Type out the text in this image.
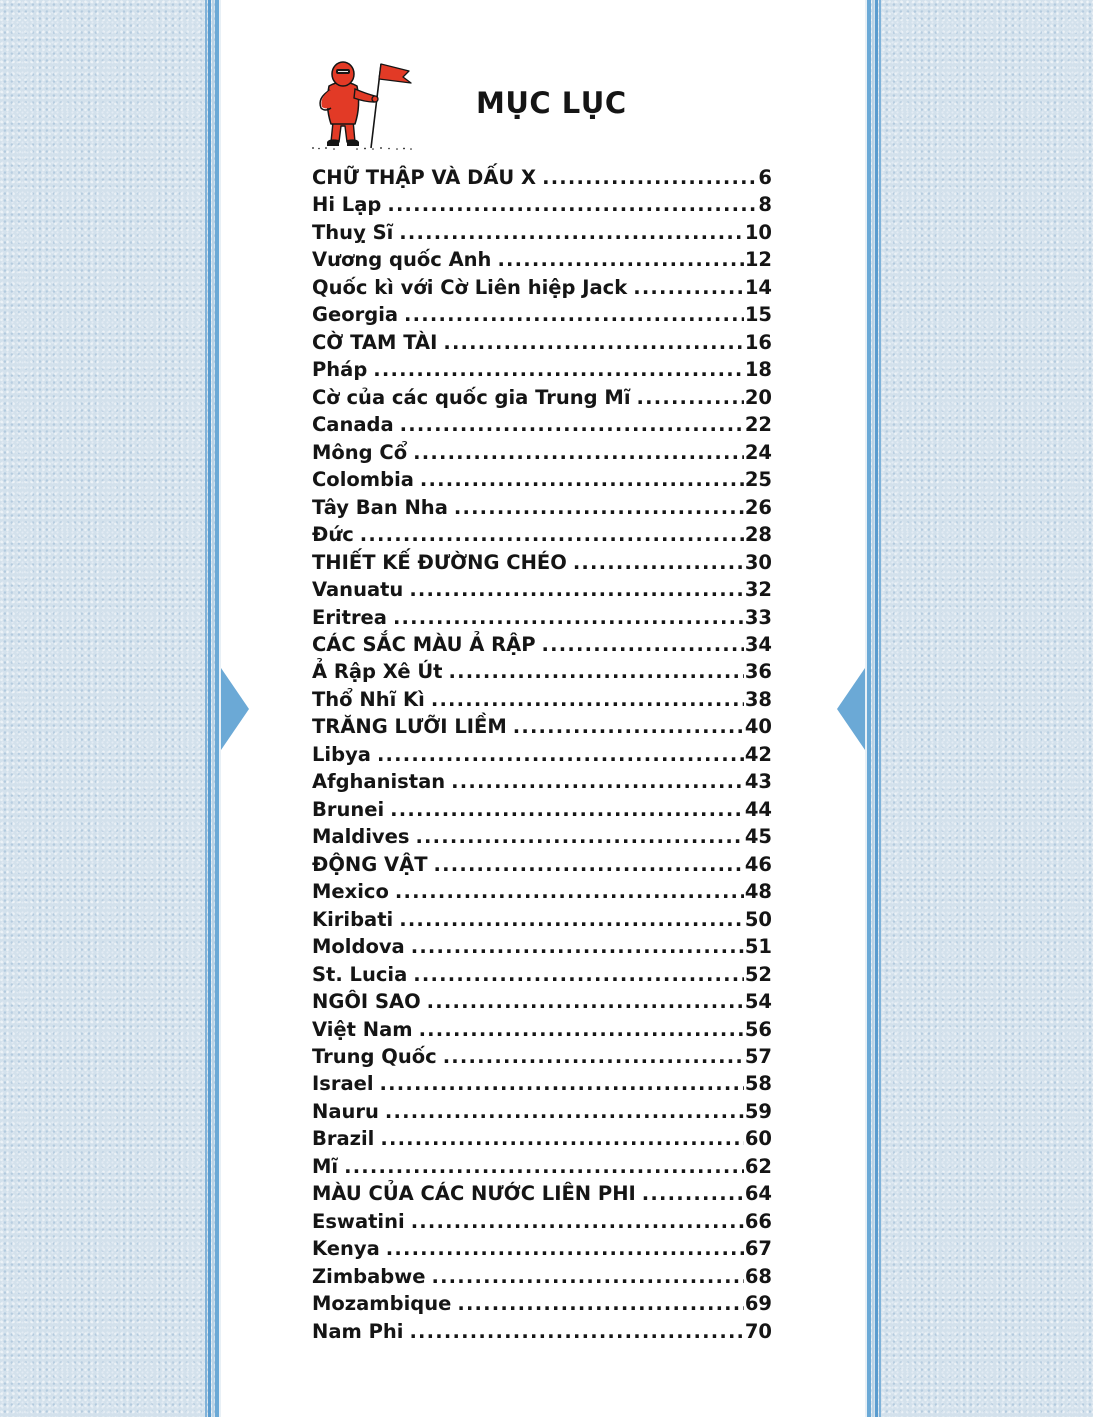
MỤC LỤC
CHỮ THẬP VÀ DẤU X .....	6
Hi Lạp .....	8
Thuỵ Sĩ .....	10
Vương quốc Anh .....	12
Quốc kì với Cờ Liên hiệp Jack .....	14
Georgia .....	15
CỜ TAM TÀI .....	16
Pháp .....	18
Cờ của các quốc gia Trung Mĩ .....	20
Canada .....	22
Mông Cổ .....	24
Colombia .....	25
Tây Ban Nha .....	26
Đức .....	28
THIẾT KẾ ĐƯỜNG CHÉO .....	30
Vanuatu .....	32
Eritrea .....	33
CÁC SẮC MÀU Ả RẬP .....	34
Ả Rập Xê Út .....	36
Thổ Nhĩ Kì .....	38
TRĂNG LƯỠI LIỀM .....	40
Libya .....	42
Afghanistan .....	43
Brunei .....	44
Maldives .....	45
ĐỘNG VẬT .....	46
Mexico .....	48
Kiribati .....	50
Moldova .....	51
St. Lucia .....	52
NGÔI SAO .....	54
Việt Nam .....	56
Trung Quốc .....	57
Israel .....	58
Nauru .....	59
Brazil .....	60
Mĩ .....	62
MÀU CỦA CÁC NƯỚC LIÊN PHI .....	64
Eswatini .....	66
Kenya .....	67
Zimbabwe .....	68
Mozambique .....	69
Nam Phi .....	70
